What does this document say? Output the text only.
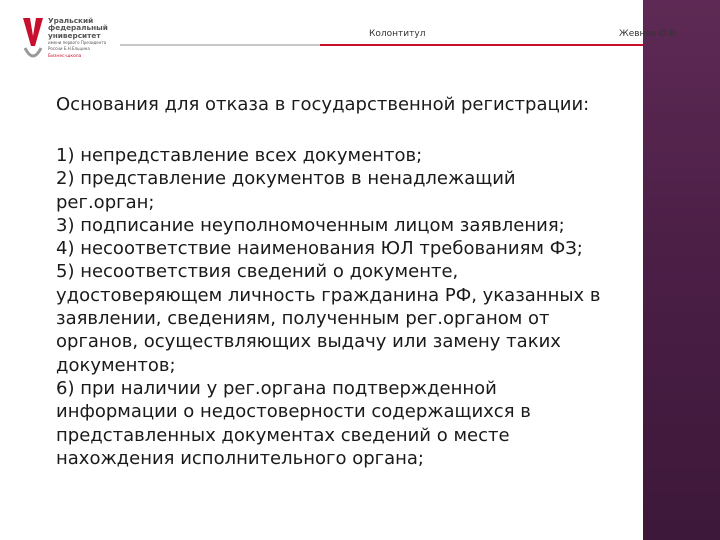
Уральский
федеральный
университет
имени первого Президента
России Б.Н.Ельцина
Бизнес-школа
Колонтитул	Жевняк О.В.
Основания для отказа в государственной регистрации:
1) непредставление всех документов;
2) представление документов в ненадлежащий
рег.орган;
3) подписание неуполномоченным лицом заявления;
4) несоответствие наименования ЮЛ требованиям ФЗ;
5) несоответствия сведений о документе,
удостоверяющем личность гражданина РФ, указанных в
заявлении, сведениям, полученным рег.органом от
органов, осуществляющих выдачу или замену таких
документов;
6) при наличии у рег.органа подтвержденной
информации о недостоверности содержащихся в
представленных документах сведений о месте
нахождения исполнительного органа;
